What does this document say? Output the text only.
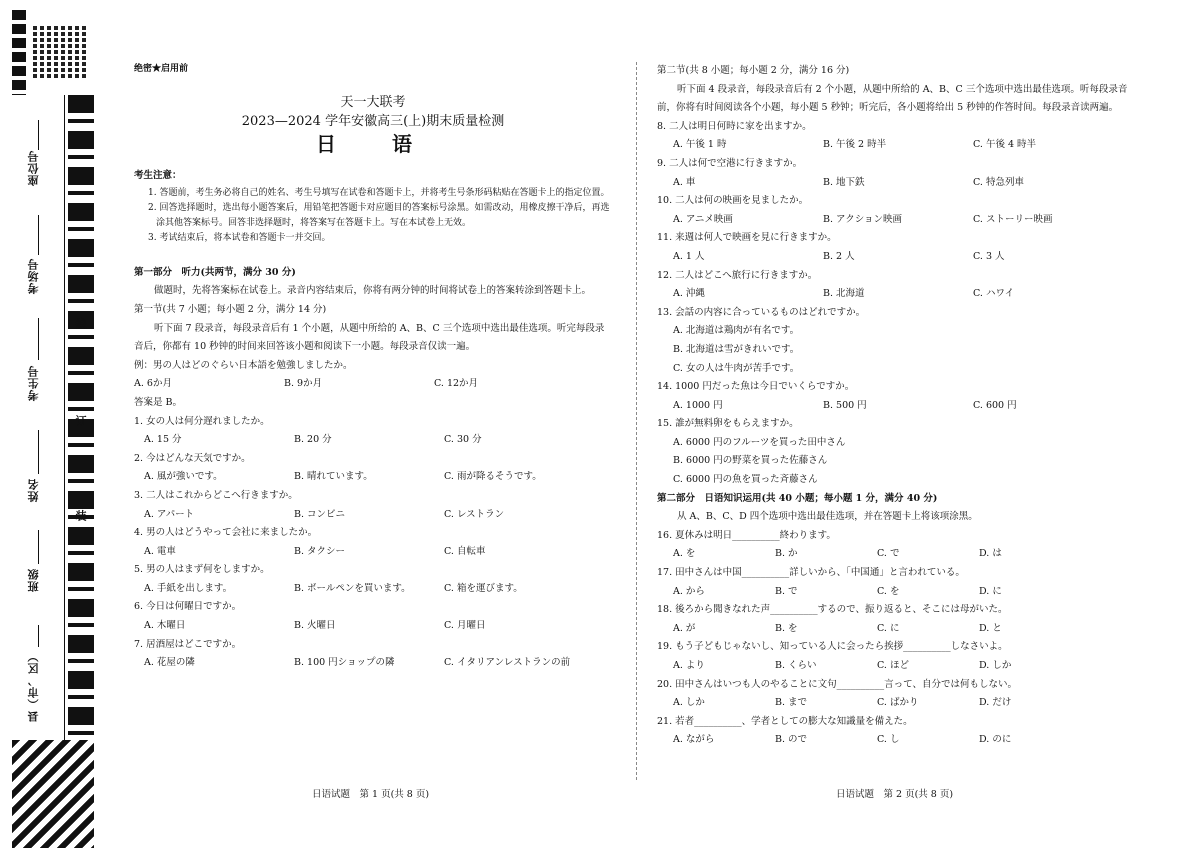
座位号
考场号
考生号
姓名
班级
县（市、区）
线
订
装
绝密★启用前
天一大联考
2023—2024 学年安徽高三(上)期末质量检测
日　语
考生注意：
1. 答题前，考生务必将自己的姓名、考生号填写在试卷和答题卡上，并将考生号条形码粘贴在答题卡上的指定位置。
2. 回答选择题时，选出每小题答案后，用铅笔把答题卡对应题目的答案标号涂黑。如需改动，用橡皮擦干净后，再选涂其他答案标号。回答非选择题时，将答案写在答题卡上。写在本试卷上无效。
3. 考试结束后，将本试卷和答题卡一并交回。
第一部分　听力(共两节，满分 30 分)
做题时，先将答案标在试卷上。录音内容结束后，你将有两分钟的时间将试卷上的答案转涂到答题卡上。
第一节(共 7 小题；每小题 2 分，满分 14 分)
听下面 7 段录音，每段录音后有 1 个小题，从题中所给的 A、B、C 三个选项中选出最佳选项。听完每段录音后，你都有 10 秒钟的时间来回答该小题和阅读下一小题。每段录音仅读一遍。
例：男の人はどのぐらい日本語を勉強しましたか。
A. 6か月	B. 9か月	C. 12か月
答案是 B。
1. 女の人は何分遅れましたか。
A. 15 分	B. 20 分	C. 30 分
2. 今はどんな天気ですか。
A. 風が強いです。	B. 晴れています。	C. 雨が降るそうです。
3. 二人はこれからどこへ行きますか。
A. アパート	B. コンビニ	C. レストラン
4. 男の人はどうやって会社に来ましたか。
A. 電車	B. タクシー	C. 自転車
5. 男の人はまず何をしますか。
A. 手紙を出します。	B. ボールペンを買います。	C. 箱を運びます。
6. 今日は何曜日ですか。
A. 木曜日	B. 火曜日	C. 月曜日
7. 居酒屋はどこですか。
A. 花屋の隣	B. 100 円ショップの隣	C. イタリアンレストランの前
日语试题　第 1 页(共 8 页)
第二节(共 8 小题；每小题 2 分，满分 16 分)
听下面 4 段录音，每段录音后有 2 个小题，从题中所给的 A、B、C 三个选项中选出最佳选项。听每段录音前，你将有时间阅读各个小题，每小题 5 秒钟；听完后，各小题将给出 5 秒钟的作答时间。每段录音读两遍。
8. 二人は明日何時に家を出ますか。
A. 午後 1 時	B. 午後 2 時半	C. 午後 4 時半
9. 二人は何で空港に行きますか。
A. 車	B. 地下鉄	C. 特急列車
10. 二人は何の映画を見ましたか。
A. アニメ映画	B. アクション映画	C. ストーリー映画
11. 来週は何人で映画を見に行きますか。
A. 1 人	B. 2 人	C. 3 人
12. 二人はどこへ旅行に行きますか。
A. 沖縄	B. 北海道	C. ハワイ
13. 会話の内容に合っているものはどれですか。
A. 北海道は鶏肉が有名です。
B. 北海道は雪がきれいです。
C. 女の人は牛肉が苦手です。
14. 1000 円だった魚は今日でいくらですか。
A. 1000 円	B. 500 円	C. 600 円
15. 誰が無料卵をもらえますか。
A. 6000 円のフルーツを買った田中さん
B. 6000 円の野菜を買った佐藤さん
C. 6000 円の魚を買った斉藤さん
第二部分　日语知识运用(共 40 小题；每小题 1 分，满分 40 分)
从 A、B、C、D 四个选项中选出最佳选项，并在答题卡上将该项涂黑。
16. 夏休みは明日__________終わります。
A. を	B. か	C. で	D. は
17. 田中さんは中国__________詳しいから、「中国通」と言われている。
A. から	B. で	C. を	D. に
18. 後ろから聞きなれた声__________するので、振り返ると、そこには母がいた。
A. が	B. を	C. に	D. と
19. もう子どもじゃないし、知っている人に会ったら挨拶__________しなさいよ。
A. より	B. くらい	C. ほど	D. しか
20. 田中さんはいつも人のやることに文句__________言って、自分では何もしない。
A. しか	B. まで	C. ばかり	D. だけ
21. 若者__________、学者としての膨大な知識量を備えた。
A. ながら	B. ので	C. し	D. のに
日语试题　第 2 页(共 8 页)
